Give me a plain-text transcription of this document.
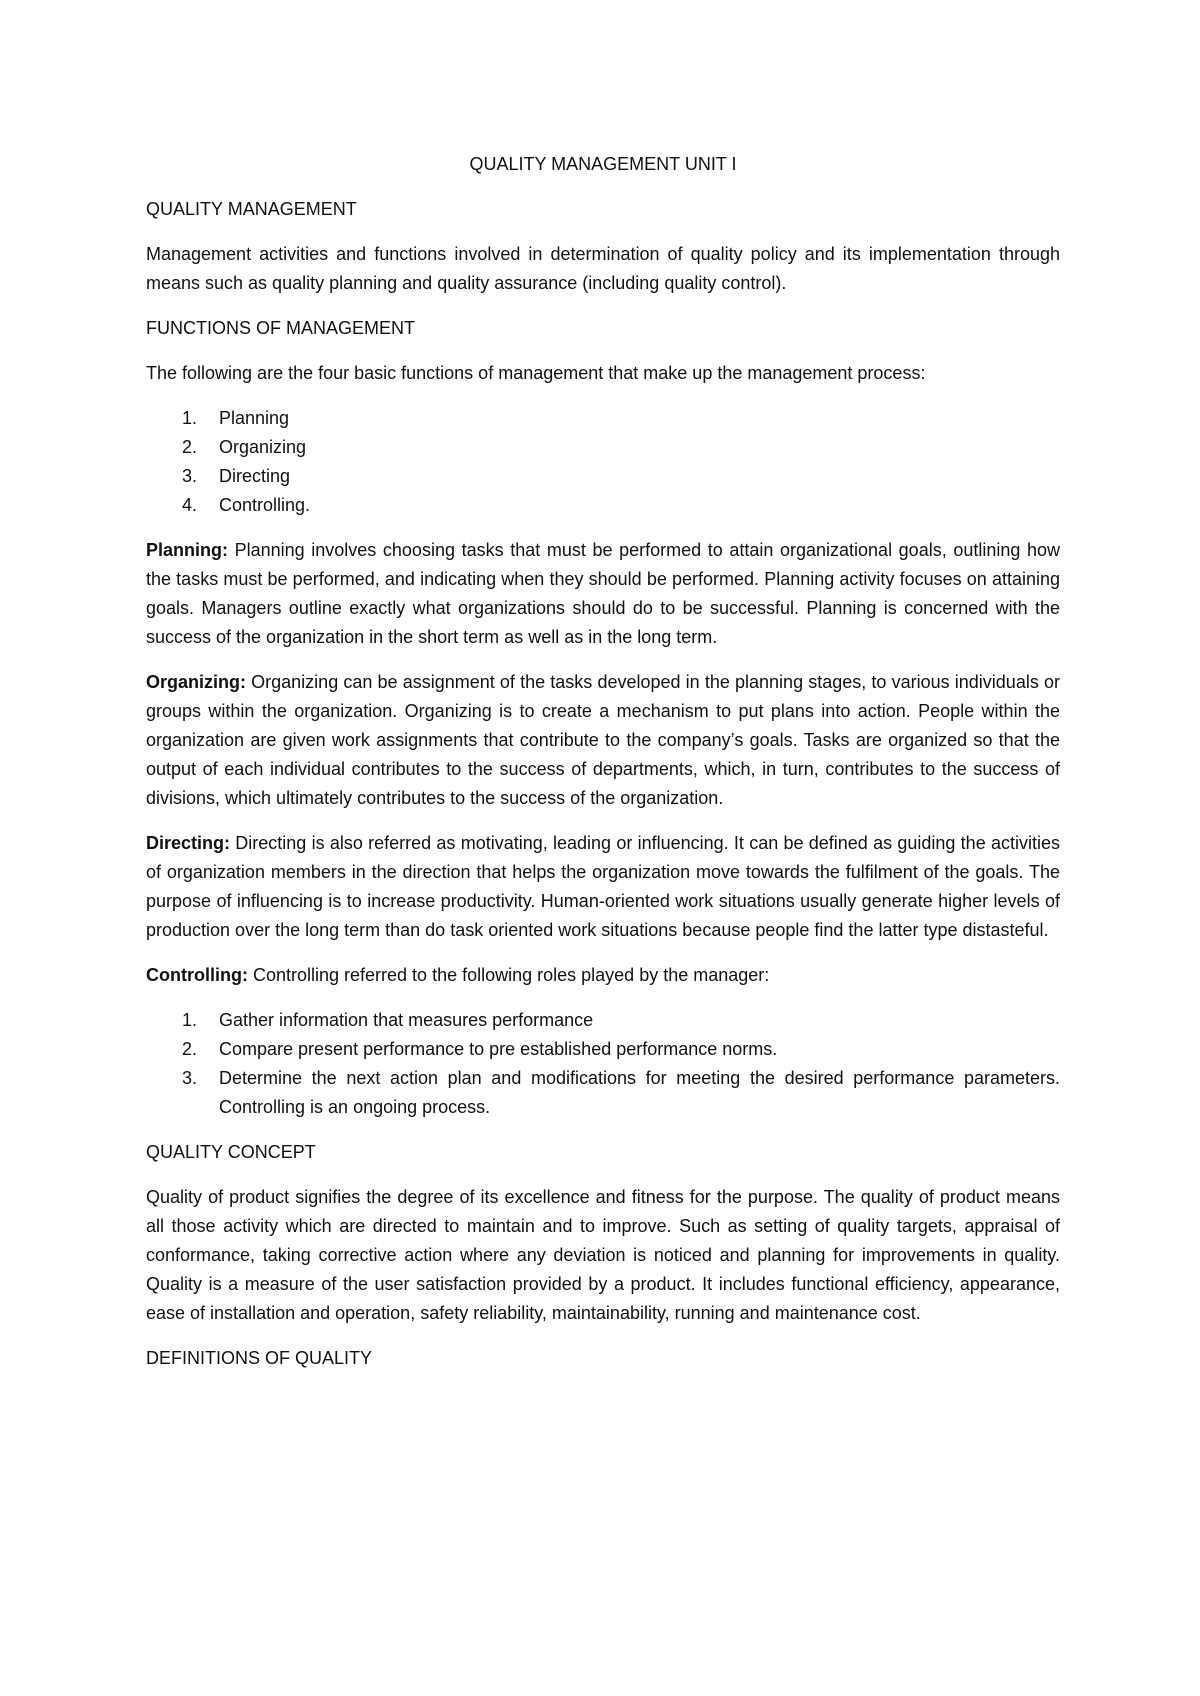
QUALITY MANAGEMENT UNIT I
QUALITY MANAGEMENT

Management activities and functions involved in determination of quality policy and its implementation through means such as quality planning and quality assurance (including quality control).

FUNCTIONS OF MANAGEMENT

The following are the four basic functions of management that make up the management process:

1. Planning
2. Organizing
3. Directing
4. Controlling.

Planning: Planning involves choosing tasks that must be performed to attain organizational goals, outlining how the tasks must be performed, and indicating when they should be performed. Planning activity focuses on attaining goals. Managers outline exactly what organizations should do to be successful. Planning is concerned with the success of the organization in the short term as well as in the long term.

Organizing: Organizing can be assignment of the tasks developed in the planning stages, to various individuals or groups within the organization. Organizing is to create a mechanism to put plans into action. People within the organization are given work assignments that contribute to the company’s goals. Tasks are organized so that the output of each individual contributes to the success of departments, which, in turn, contributes to the success of divisions, which ultimately contributes to the success of the organization.

Directing: Directing is also referred as motivating, leading or influencing. It can be defined as guiding the activities of organization members in the direction that helps the organization move towards the fulfilment of the goals. The purpose of influencing is to increase productivity. Human-oriented work situations usually generate higher levels of production over the long term than do task oriented work situations because people find the latter type distasteful.

Controlling: Controlling referred to the following roles played by the manager:

1. Gather information that measures performance
2. Compare present performance to pre established performance norms.
3. Determine the next action plan and modifications for meeting the desired performance parameters. Controlling is an ongoing process.
QUALITY CONCEPT

Quality of product signifies the degree of its excellence and fitness for the purpose. The quality of product means all those activity which are directed to maintain and to improve. Such as setting of quality targets, appraisal of conformance, taking corrective action where any deviation is noticed and planning for improvements in quality. Quality is a measure of the user satisfaction provided by a product. It includes functional efficiency, appearance, ease of installation and operation, safety reliability, maintainability, running and maintenance cost.

DEFINITIONS OF QUALITY
